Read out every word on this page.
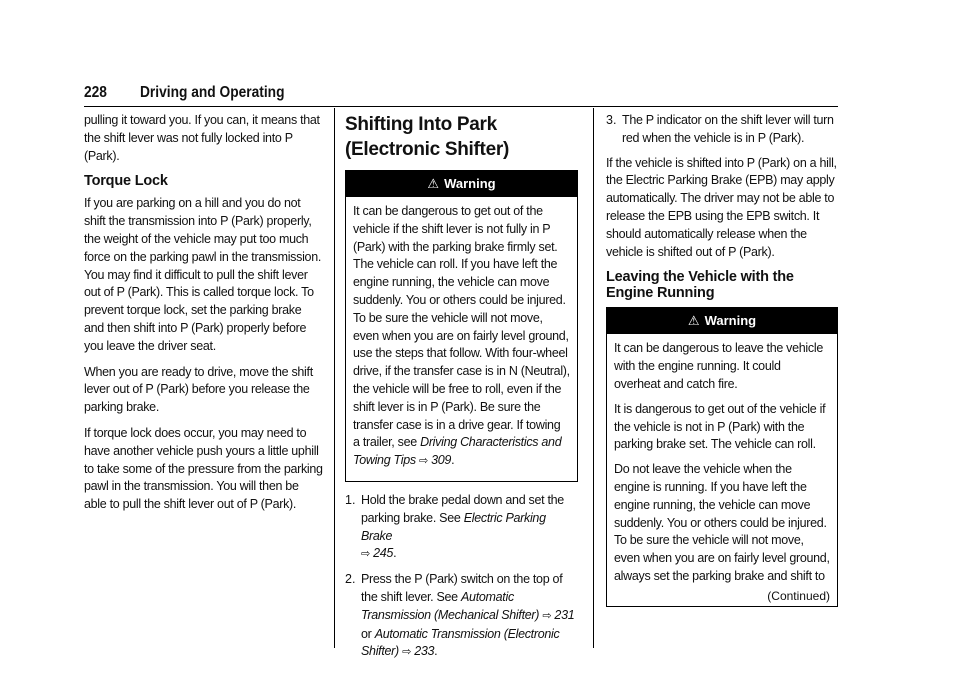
228 Driving and Operating

pulling it toward you. If you can, it means that the shift lever was not fully locked into P (Park).

Torque Lock

If you are parking on a hill and you do not shift the transmission into P (Park) properly, the weight of the vehicle may put too much force on the parking pawl in the transmission. You may find it difficult to pull the shift lever out of P (Park). This is called torque lock. To prevent torque lock, set the parking brake and then shift into P (Park) properly before you leave the driver seat.

When you are ready to drive, move the shift lever out of P (Park) before you release the parking brake.

If torque lock does occur, you may need to have another vehicle push yours a little uphill to take some of the pressure from the parking pawl in the transmission. You will then be able to pull the shift lever out of P (Park).

Shifting Into Park (Electronic Shifter)
⚠ Warning

It can be dangerous to get out of the vehicle if the shift lever is not fully in P (Park) with the parking brake firmly set. The vehicle can roll. If you have left the engine running, the vehicle can move suddenly. You or others could be injured. To be sure the vehicle will not move, even when you are on fairly level ground, use the steps that follow. With four-wheel drive, if the transfer case is in N (Neutral), the vehicle will be free to roll, even if the shift lever is in P (Park). Be sure the transfer case is in a drive gear. If towing a trailer, see Driving Characteristics and Towing Tips ⇨ 309.

1. Hold the brake pedal down and set the parking brake. See Electric Parking Brake
⇨ 245.
2. Press the P (Park) switch on the top of the shift lever. See Automatic Transmission (Mechanical Shifter) ⇨ 231 or Automatic Transmission (Electronic Shifter) ⇨ 233.
3. The P indicator on the shift lever will turn red when the vehicle is in P (Park).

If the vehicle is shifted into P (Park) on a hill, the Electric Parking Brake (EPB) may apply automatically. The driver may not be able to release the EPB using the EPB switch. It should automatically release when the vehicle is shifted out of P (Park).

Leaving the Vehicle with the Engine Running
⚠ Warning

It can be dangerous to leave the vehicle with the engine running. It could overheat and catch fire.

It is dangerous to get out of the vehicle if the vehicle is not in P (Park) with the parking brake set. The vehicle can roll.

Do not leave the vehicle when the engine is running. If you have left the engine running, the vehicle can move suddenly. You or others could be injured. To be sure the vehicle will not move, even when you are on fairly level ground, always set the parking brake and shift to

(Continued)
